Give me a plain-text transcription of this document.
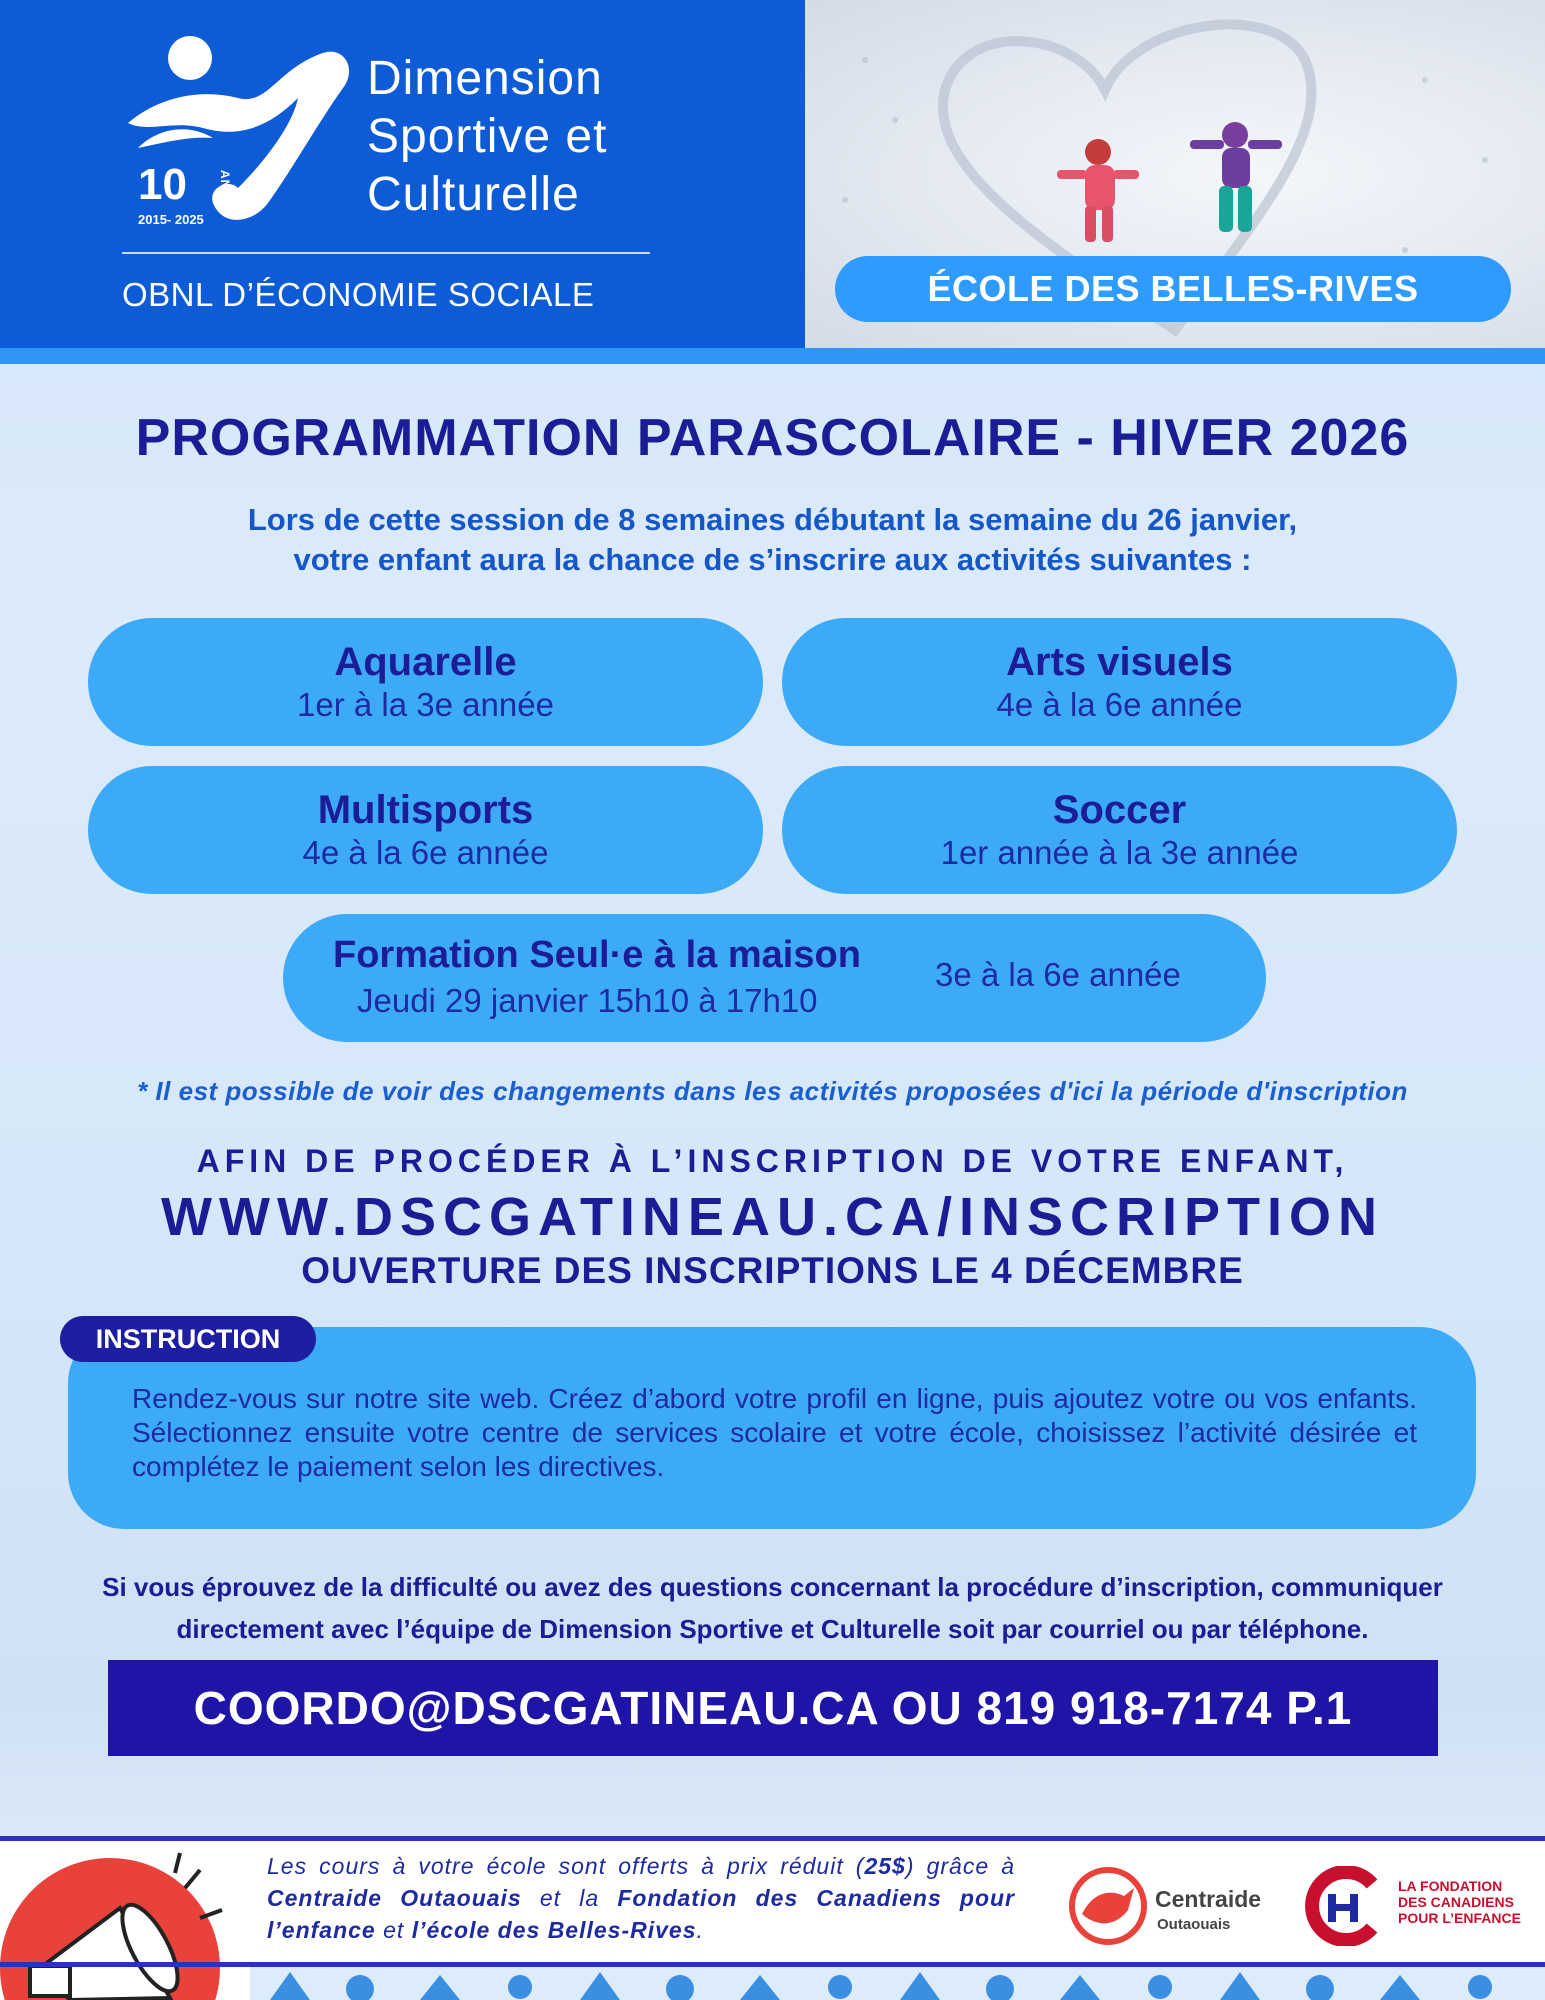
10	ANS
2015- 2025
Dimension
Sportive et
Culturelle
OBNL D’ÉCONOMIE SOCIALE	ÉCOLE DES BELLES-RIVES
PROGRAMMATION PARASCOLAIRE - HIVER 2026
Lors de cette session de 8 semaines débutant la semaine du 26 janvier,
votre enfant aura la chance de s’inscrire aux activités suivantes :
Aquarelle
1er à la 3e année
Arts visuels
4e à la 6e année
Multisports
4e à la 6e année
Soccer
1er année à la 3e année
Formation Seul·e à la maison
Jeudi 29 janvier 15h10 à 17h10
3e à la 6e année
* Il est possible de voir des changements dans les activités proposées d'ici la période d'inscription
AFIN DE PROCÉDER À L’INSCRIPTION DE VOTRE ENFANT,
WWW.DSCGATINEAU.CA/INSCRIPTION
OUVERTURE DES INSCRIPTIONS LE 4 DÉCEMBRE
INSTRUCTION
Rendez-vous sur notre site web. Créez d’abord votre profil en ligne, puis ajoutez votre ou vos enfants. Sélectionnez ensuite votre centre de services scolaire et votre école, choisissez l’activité désirée et complétez le paiement selon les directives.
Si vous éprouvez de la difficulté ou avez des questions concernant la procédure d’inscription, communiquer
directement avec l’équipe de Dimension Sportive et Culturelle soit par courriel ou par téléphone.
COORDO@DSCGATINEAU.CA OU 819 918-7174 P.1
Les cours à votre école sont offerts à prix réduit (25$) grâce à Centraide Outaouais et la Fondation des Canadiens pour l’enfance et l’école des Belles-Rives.
Centraide
Outaouais
LA FONDATION
DES CANADIENS
POUR L’ENFANCE
